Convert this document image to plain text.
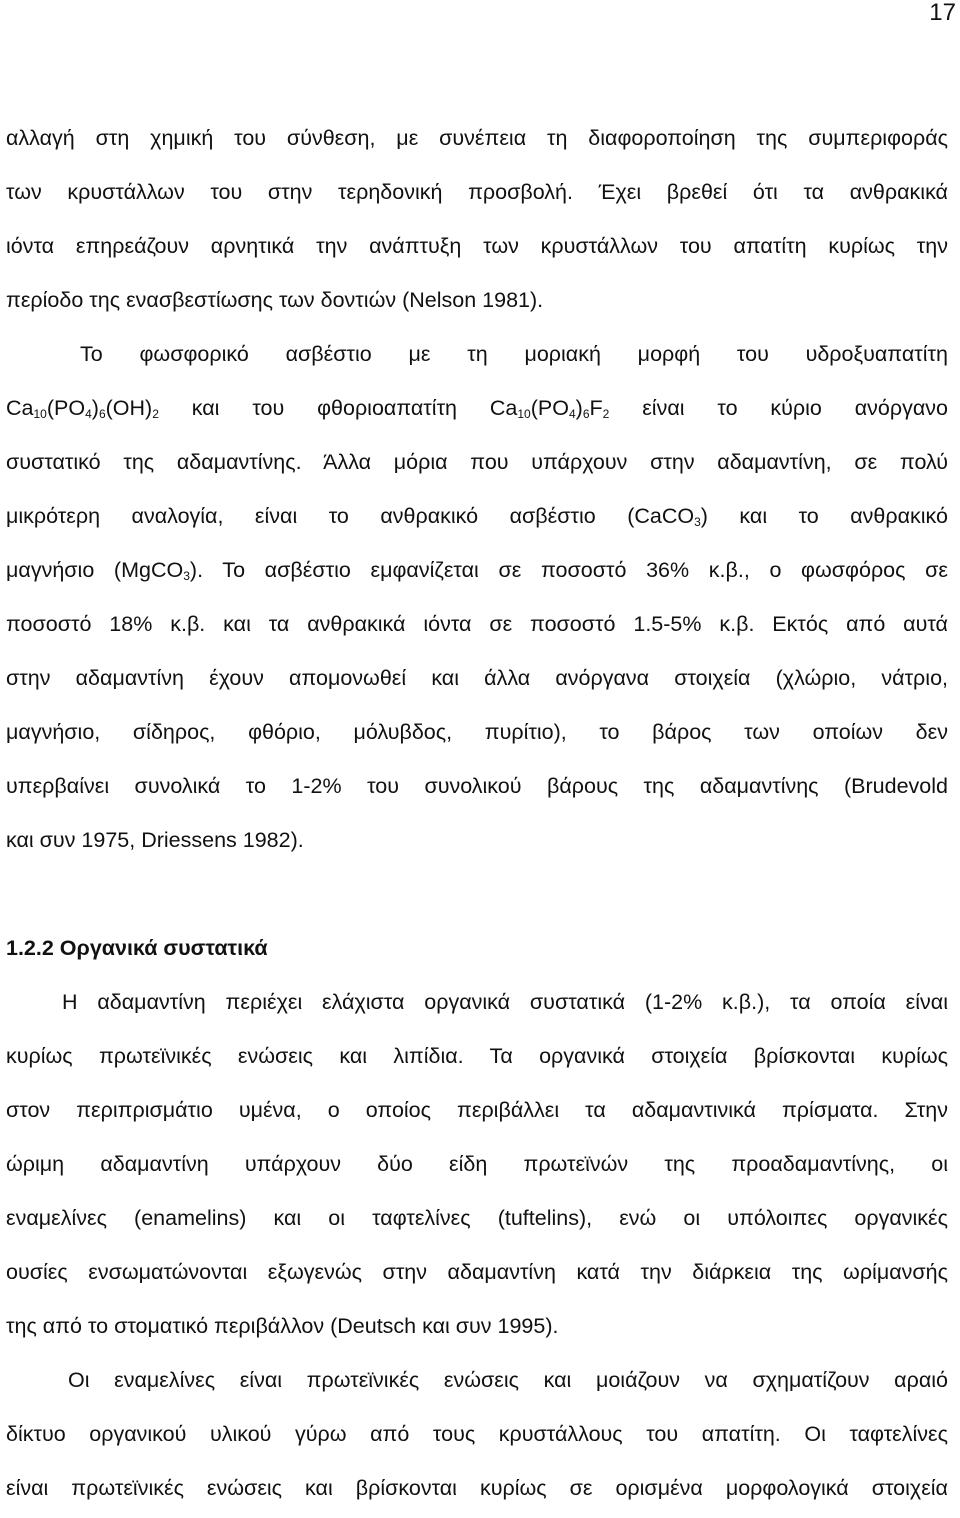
17
αλλαγή στη χημική του σύνθεση, με συνέπεια τη διαφοροποίηση της συμπεριφοράς
των κρυστάλλων του στην τερηδονική προσβολή. Έχει βρεθεί ότι τα ανθρακικά
ιόντα επηρεάζουν αρνητικά την ανάπτυξη των κρυστάλλων του απατίτη κυρίως την
περίοδο της ενασβεστίωσης των δοντιών (Nelson 1981).
Το φωσφορικό ασβέστιο με τη μοριακή μορφή του υδροξυαπατίτη
$Ca_{10}(PO_4)_6(OH)_2$ και του φθοριοαπατίτη $Ca_{10}(PO_4)_6F_2$ είναι το κύριο ανόργανο
συστατικό της αδαμαντίνης. Άλλα μόρια που υπάρχουν στην αδαμαντίνη, σε πολύ
μικρότερη αναλογία, είναι το ανθρακικό ασβέστιο (CaCO$_3$) και το ανθρακικό
μαγνήσιο (MgCO$_3$). Το ασβέστιο εμφανίζεται σε ποσοστό 36% κ.β., ο φωσφόρος σε
ποσοστό 18% κ.β. και τα ανθρακικά ιόντα σε ποσοστό 1.5-5% κ.β. Εκτός από αυτά
στην αδαμαντίνη έχουν απομονωθεί και άλλα ανόργανα στοιχεία (χλώριο, νάτριο,
μαγνήσιο, σίδηρος, φθόριο, μόλυβδος, πυρίτιο), το βάρος των οποίων δεν
υπερβαίνει συνολικά το 1-2% του συνολικού βάρους της αδαμαντίνης (Brudevold
και συν 1975, Driessens 1982).
1.2.2 Οργανικά συστατικά
Η αδαμαντίνη περιέχει ελάχιστα οργανικά συστατικά (1-2% κ.β.), τα οποία είναι
κυρίως πρωτεϊνικές ενώσεις και λιπίδια. Τα οργανικά στοιχεία βρίσκονται κυρίως
στον περιπρισμάτιο υμένα, ο οποίος περιβάλλει τα αδαμαντινικά πρίσματα. Στην
ώριμη αδαμαντίνη υπάρχουν δύο είδη πρωτεϊνών της προαδαμαντίνης, οι
εναμελίνες (enamelins) και οι ταφτελίνες (tuftelins), ενώ οι υπόλοιπες οργανικές
ουσίες ενσωματώνονται εξωγενώς στην αδαμαντίνη κατά την διάρκεια της ωρίμανσής
της από το στοματικό περιβάλλον (Deutsch και συν 1995).
Οι εναμελίνες είναι πρωτεϊνικές ενώσεις και μοιάζουν να σχηματίζουν αραιό
δίκτυο οργανικού υλικού γύρω από τους κρυστάλλους του απατίτη. Οι ταφτελίνες
είναι πρωτεϊνικές ενώσεις και βρίσκονται κυρίως σε ορισμένα μορφολογικά στοιχεία
